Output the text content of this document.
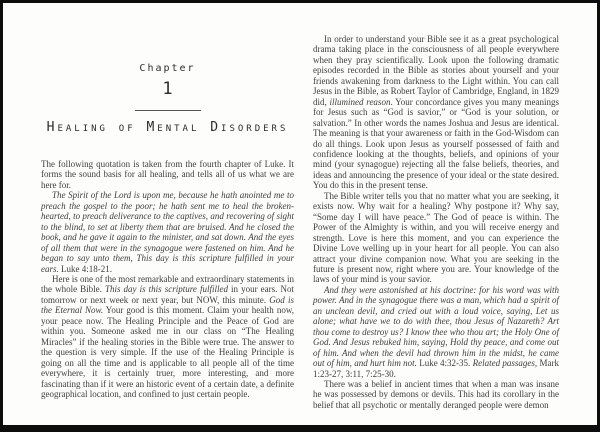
Chapter
1
Healing of Mental Disorders

The following quotation is taken from the fourth chapter of Luke. It forms the sound basis for all healing, and tells all of us what we are here for.

The Spirit of the Lord is upon me, because he hath anointed me to preach the gospel to the poor; he hath sent me to heal the broken-hearted, to preach deliverance to the captives, and recovering of sight to the blind, to set at liberty them that are bruised. And he closed the book, and he gave it again to the minister, and sat down. And the eyes of all them that were in the synagogue were fastened on him. And he began to say unto them, This day is this scripture fulfilled in your ears. Luke 4:18-21.

Here is one of the most remarkable and extraordinary statements in the whole Bible. This day is this scripture fulfilled in your ears. Not tomorrow or next week or next year, but NOW, this minute. God is the Eternal Now. Your good is this moment. Claim your health now, your peace now. The Healing Principle and the Peace of God are within you. Someone asked me in our class on “The Healing Miracles” if the healing stories in the Bible were true. The answer to the question is very simple. If the use of the Healing Principle is going on all the time and is applicable to all people all of the time everywhere, it is certainly truer, more interesting, and more fascinating than if it were an historic event of a certain date, a definite geographical location, and confined to just certain people.

In order to understand your Bible see it as a great psychological drama taking place in the consciousness of all people everywhere when they pray scientifically. Look upon the following dramatic episodes recorded in the Bible as stories about yourself and your friends awakening from darkness to the Light within. You can call Jesus in the Bible, as Robert Taylor of Cambridge, England, in 1829 did, illumined reason. Your concordance gives you many meanings for Jesus such as “God is savior,” or “God is your solution, or salvation.” In other words the names Joshua and Jesus are identical. The meaning is that your awareness or faith in the God-Wisdom can do all things. Look upon Jesus as yourself possessed of faith and confidence looking at the thoughts, beliefs, and opinions of your mind (your synagogue) rejecting all the false beliefs, theories, and ideas and announcing the presence of your ideal or the state desired. You do this in the present tense.

The Bible writer tells you that no matter what you are seeking, it exists now. Why wait for a healing? Why postpone it? Why say, “Some day I will have peace.” The God of peace is within. The Power of the Almighty is within, and you will receive energy and strength. Love is here this moment, and you can experience the Divine Love welling up in your heart for all people. You can also attract your divine companion now. What you are seeking in the future is present now, right where you are. Your knowledge of the laws of your mind is your savior.

And they were astonished at his doctrine: for his word was with power. And in the synagogue there was a man, which had a spirit of an unclean devil, and cried out with a loud voice, saying, Let us alone; what have we to do with thee, thou Jesus of Nazareth? Art thou come to destroy us? I know thee who thou art; the Holy One of God. And Jesus rebuked him, saying, Hold thy peace, and come out of him. And when the devil had thrown him in the midst, he came out of him, and hurt him not. Luke 4:32-35. Related passages, Mark 1:23-27, 3:11, 7:25-30.

There was a belief in ancient times that when a man was insane he was possessed by demons or devils. This had its corollary in the belief that all psychotic or mentally deranged people were demon
